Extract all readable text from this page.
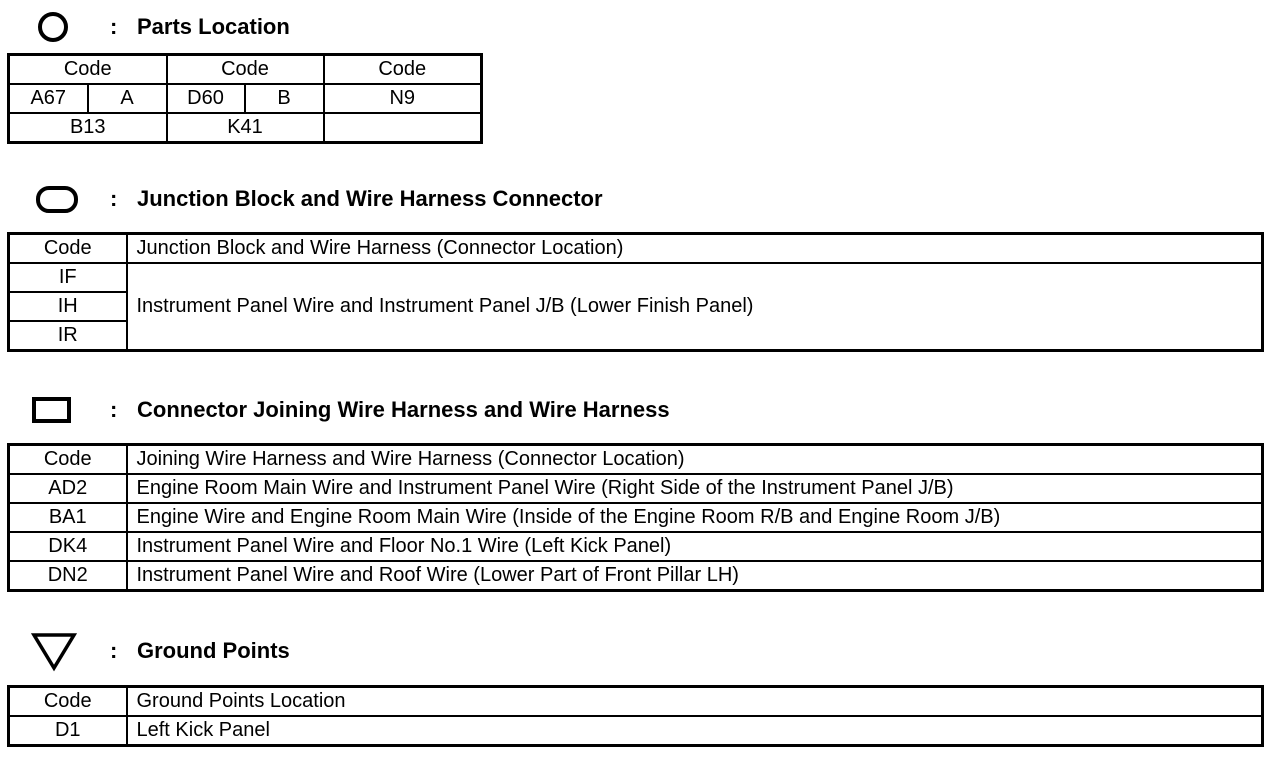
: Parts Location
Code		Code		Code
A67	A	D60	B	N9
B13		K41		
: Junction Block and Wire Harness Connector
Code	Junction Block and Wire Harness (Connector Location)
IF	Instrument Panel Wire and Instrument Panel J/B (Lower Finish Panel)
IH	
IR	
: Connector Joining Wire Harness and Wire Harness
Code	Joining Wire Harness and Wire Harness (Connector Location)
AD2	Engine Room Main Wire and Instrument Panel Wire (Right Side of the Instrument Panel J/B)
BA1	Engine Wire and Engine Room Main Wire (Inside of the Engine Room R/B and Engine Room J/B)
DK4	Instrument Panel Wire and Floor No.1 Wire (Left Kick Panel)
DN2	Instrument Panel Wire and Roof Wire (Lower Part of Front Pillar LH)
: Ground Points
Code	Ground Points Location
D1	Left Kick Panel
